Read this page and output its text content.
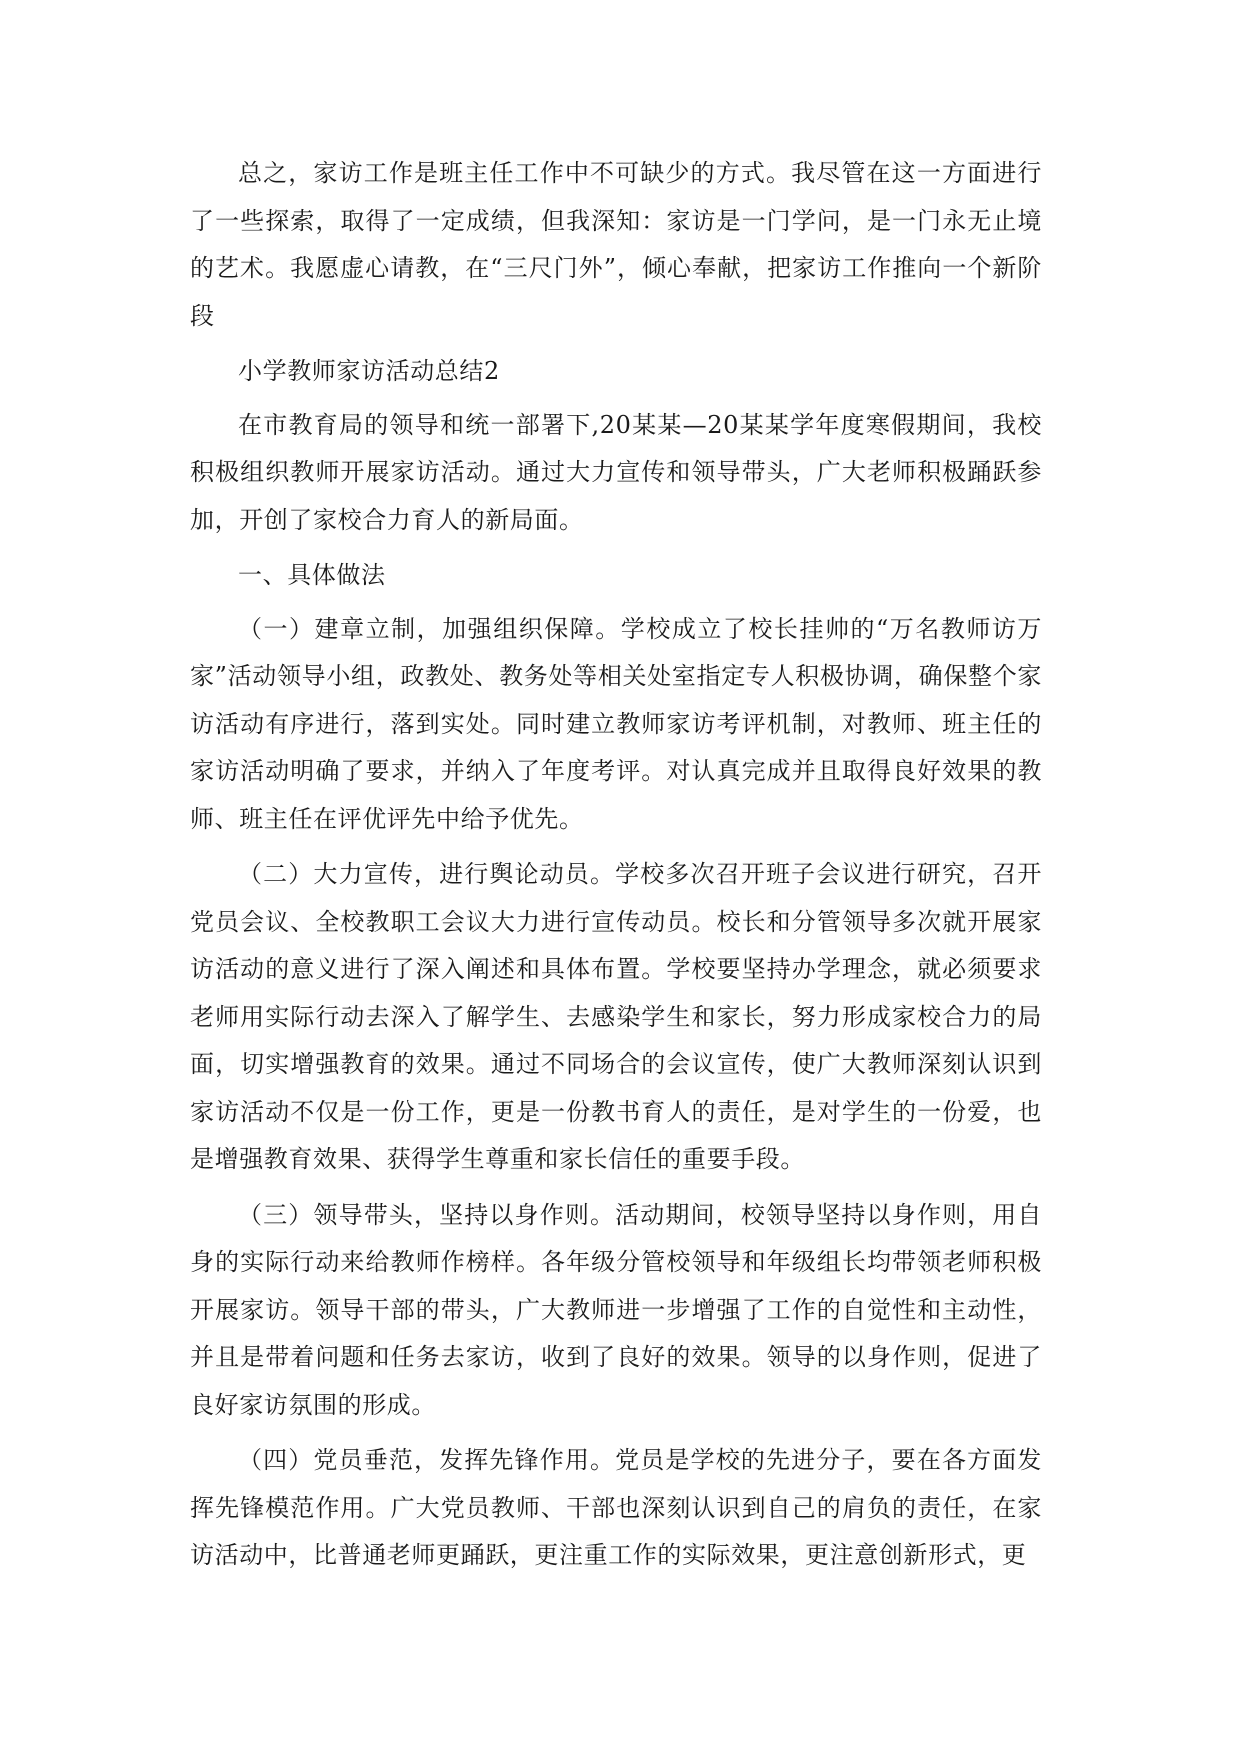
总之，家访工作是班主任工作中不可缺少的方式。我尽管在这一方面进行了一些探索，取得了一定成绩，但我深知：家访是一门学问，是一门永无止境的艺术。我愿虚心请教，在“三尺门外”，倾心奉献，把家访工作推向一个新阶段

小学教师家访活动总结2

在市教育局的领导和统一部署下,20某某—20某某学年度寒假期间，我校积极组织教师开展家访活动。通过大力宣传和领导带头，广大老师积极踊跃参加，开创了家校合力育人的新局面。

一、具体做法

（一）建章立制，加强组织保障。学校成立了校长挂帅的“万名教师访万家”活动领导小组，政教处、教务处等相关处室指定专人积极协调，确保整个家访活动有序进行，落到实处。同时建立教师家访考评机制，对教师、班主任的家访活动明确了要求，并纳入了年度考评。对认真完成并且取得良好效果的教师、班主任在评优评先中给予优先。

（二）大力宣传，进行舆论动员。学校多次召开班子会议进行研究，召开党员会议、全校教职工会议大力进行宣传动员。校长和分管领导多次就开展家访活动的意义进行了深入阐述和具体布置。学校要坚持办学理念，就必须要求老师用实际行动去深入了解学生、去感染学生和家长，努力形成家校合力的局面，切实增强教育的效果。通过不同场合的会议宣传，使广大教师深刻认识到家访活动不仅是一份工作，更是一份教书育人的责任，是对学生的一份爱，也是增强教育效果、获得学生尊重和家长信任的重要手段。

（三）领导带头，坚持以身作则。活动期间，校领导坚持以身作则，用自身的实际行动来给教师作榜样。各年级分管校领导和年级组长均带领老师积极开展家访。领导干部的带头，广大教师进一步增强了工作的自觉性和主动性，并且是带着问题和任务去家访，收到了良好的效果。领导的以身作则，促进了良好家访氛围的形成。

（四）党员垂范，发挥先锋作用。党员是学校的先进分子，要在各方面发挥先锋模范作用。广大党员教师、干部也深刻认识到自己的肩负的责任，在家访活动中，比普通老师更踊跃，更注重工作的实际效果，更注意创新形式，更
